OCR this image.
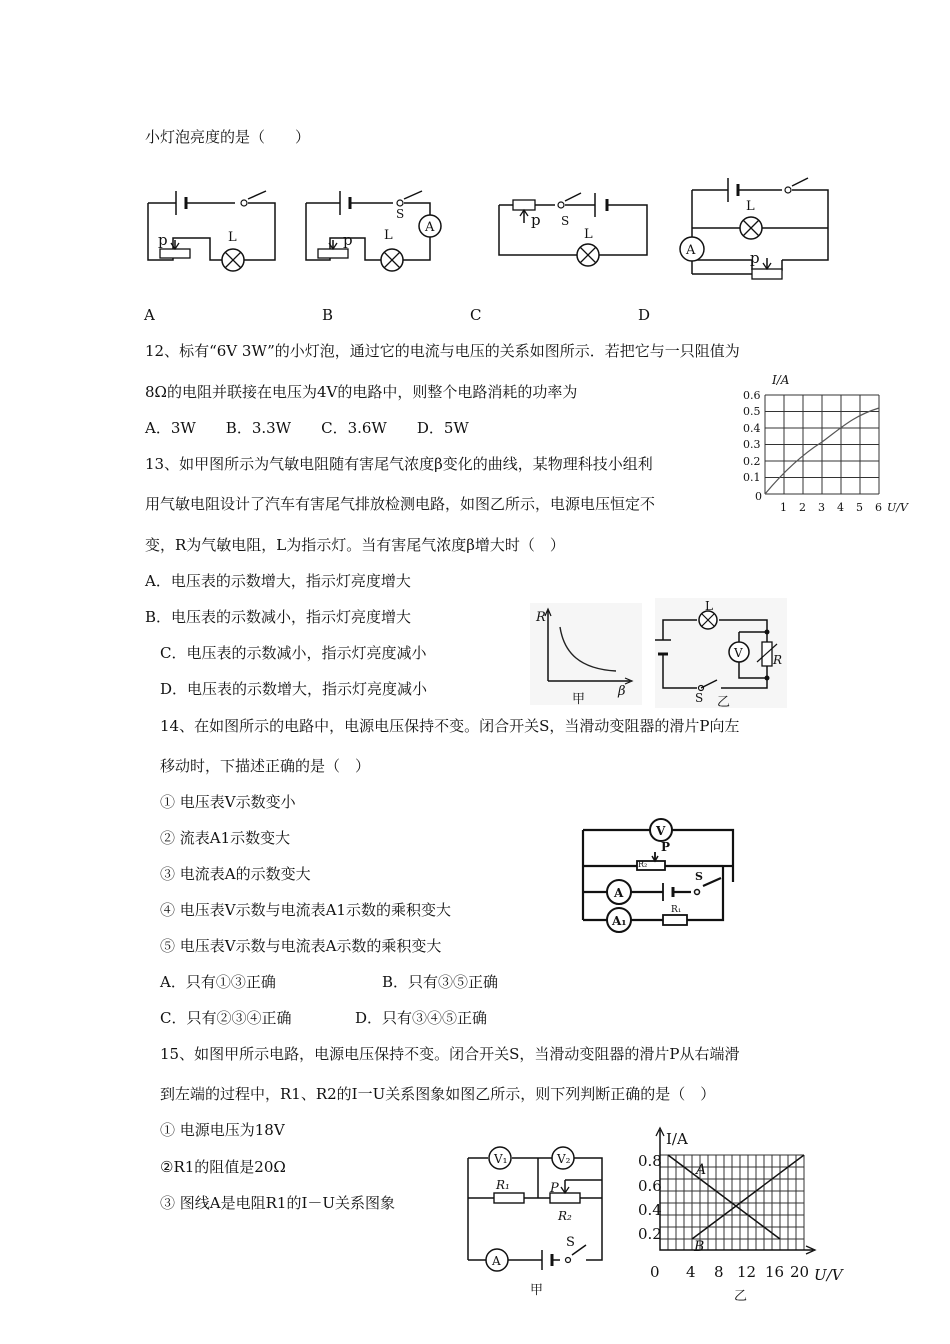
小灯泡亮度的是（　　）
p	L
A
A
p L
S
B
p S
L
C
A	p
L
D
12、标有“6V 3W”的小灯泡，通过它的电流与电压的关系如图所示．若把它与一只阻值为
8Ω的电阻并联接在电压为4V的电路中，则整个电路消耗的功率为
A．3W　　B．3.3W　　C．3.6W　　D．5W
I/A
0.6
0.5
0.4
0.3
0.2
0.1
0
1 2 3 4 5 6 U/V
13、如甲图所示为气敏电阻随有害尾气浓度β变化的曲线，某物理科技小组利
用气敏电阻设计了汽车有害尾气排放检测电路，如图乙所示，电源电压恒定不
变，R为气敏电阻，L为指示灯。当有害尾气浓度β增大时（　）
A．电压表的示数增大，指示灯亮度增大
B．电压表的示数减小，指示灯亮度增大
C．电压表的示数减小，指示灯亮度减小
D．电压表的示数增大，指示灯亮度减小
R
β
甲
V
L
R
S 乙
14、在如图所示的电路中，电源电压保持不变。闭合开关S，当滑动变阻器的滑片P向左
移动时，下描述正确的是（　）
① 电压表V示数变小
② 流表A1示数变大
③ 电流表A的示数变大
④ 电压表V示数与电流表A1示数的乘积变大
⑤ 电压表V示数与电流表A示数的乘积变大
A．只有①③正确	B．只有③⑤正确
C．只有②③④正确	D．只有③④⑤正确
V
R₂
P
A
S
A₁
R₁
15、如图甲所示电路，电源电压保持不变。闭合开关S，当滑动变阻器的滑片P从右端滑
到左端的过程中，R1、R2的I一U关系图象如图乙所示，则下列判断正确的是（　）
① 电源电压为18V
②R1的阻值是20Ω
③ 图线A是电阻R1的I－U关系图象
V₁	V₂
R₁	P
R₂
A
S
甲
I/A
0.8
0.6
0.4
0.2
0 4 8 12 16 20 U/V
A
B
乙
